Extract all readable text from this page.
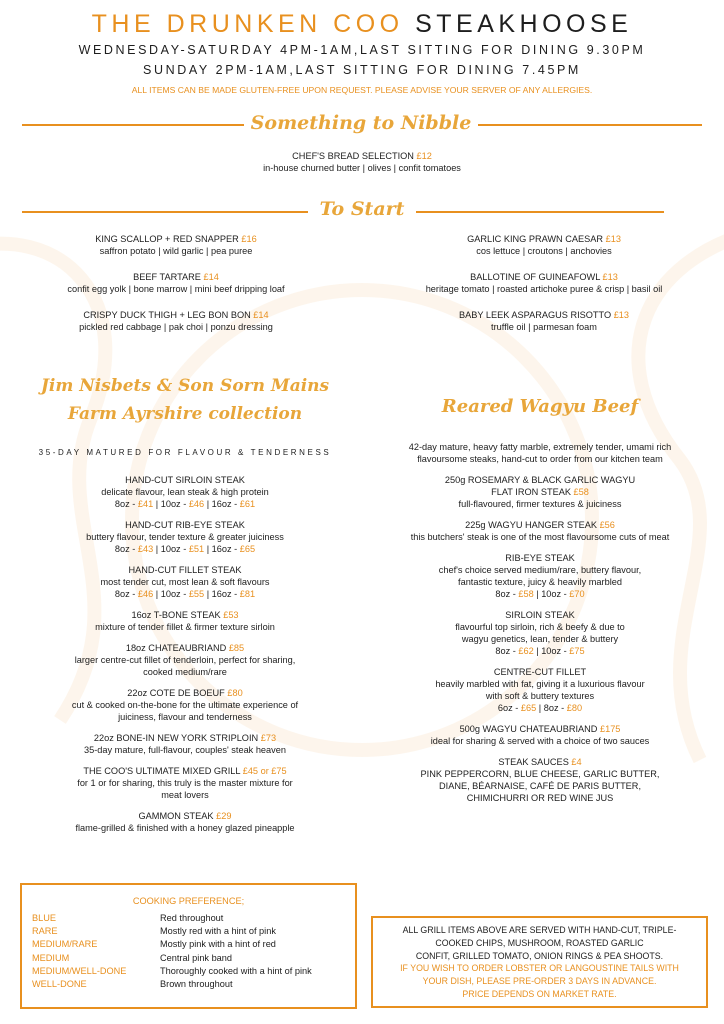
THE DRUNKEN COO STEAKHOOSE
WEDNESDAY-SATURDAY 4PM-1AM,LAST SITTING FOR DINING 9.30PM
SUNDAY 2PM-1AM,LAST SITTING FOR DINING 7.45PM
ALL ITEMS CAN BE MADE GLUTEN-FREE UPON REQUEST. PLEASE ADVISE YOUR SERVER OF ANY ALLERGIES.
Something to Nibble
CHEF'S BREAD SELECTION £12
in-house churned butter | olives | confit tomatoes
To Start
KING SCALLOP + RED SNAPPER £16
saffron potato | wild garlic | pea puree
BEEF TARTARE £14
confit egg yolk | bone marrow | mini beef dripping loaf
CRISPY DUCK THIGH + LEG BON BON £14
pickled red cabbage | pak choi | ponzu dressing
GARLIC KING PRAWN CAESAR £13
cos lettuce | croutons | anchovies
BALLOTINE OF GUINEAFOWL £13
heritage tomato | roasted artichoke puree & crisp | basil oil
BABY LEEK ASPARAGUS RISOTTO £13
truffle oil | parmesan foam
Jim Nisbets & Son Sorn Mains
Farm Ayrshire collection
35-DAY MATURED FOR FLAVOUR & TENDERNESS
HAND-CUT SIRLOIN STEAK
delicate flavour, lean steak & high protein
8oz - £41 | 10oz - £46 | 16oz - £61
HAND-CUT RIB-EYE STEAK
buttery flavour, tender texture & greater juiciness
8oz - £43 | 10oz - £51 | 16oz - £65
HAND-CUT FILLET STEAK
most tender cut, most lean & soft flavours
8oz - £46 | 10oz - £55 | 16oz - £81
16oz T-BONE STEAK £53
mixture of tender fillet & firmer texture sirloin
18oz CHATEAUBRIAND £85
larger centre-cut fillet of tenderloin, perfect for sharing,
cooked medium/rare
22oz COTE DE BOEUF £80
cut & cooked on-the-bone for the ultimate experience of
juiciness, flavour and tenderness
22oz BONE-IN NEW YORK STRIPLOIN £73
35-day mature, full-flavour, couples' steak heaven
THE COO'S ULTIMATE MIXED GRILL £45 or £75
for 1 or for sharing, this truly is the master mixture for
meat lovers
GAMMON STEAK £29
flame-grilled & finished with a honey glazed pineapple
Reared Wagyu Beef
42-day mature, heavy fatty marble, extremely tender, umami rich
flavoursome steaks, hand-cut to order from our kitchen team
250g ROSEMARY & BLACK GARLIC WAGYU
FLAT IRON STEAK £58
full-flavoured, firmer textures & juiciness
225g WAGYU HANGER STEAK £56
this butchers' steak is one of the most flavoursome cuts of meat
RIB-EYE STEAK
chef's choice served medium/rare, buttery flavour,
fantastic texture, juicy & heavily marbled
8oz - £58 | 10oz - £70
SIRLOIN STEAK
flavourful top sirloin, rich & beefy & due to
wagyu genetics, lean, tender & buttery
8oz - £62 | 10oz - £75
CENTRE-CUT FILLET
heavily marbled with fat, giving it a luxurious flavour
with soft & buttery textures
6oz - £65 | 8oz - £80
500g WAGYU CHATEAUBRIAND £175
ideal for sharing & served with a choice of two sauces
STEAK SAUCES £4
PINK PEPPERCORN, BLUE CHEESE, GARLIC BUTTER,
DIANE, BÉARNAISE, CAFÉ DE PARIS BUTTER,
CHIMICHURRI OR RED WINE JUS
COOKING PREFERENCE;
BLUE	Red throughout
RARE	Mostly red with a hint of pink
MEDIUM/RARE	Mostly pink with a hint of red
MEDIUM	Central pink band
MEDIUM/WELL-DONE	Thoroughly cooked with a hint of pink
WELL-DONE	Brown throughout
ALL GRILL ITEMS ABOVE ARE SERVED WITH HAND-CUT, TRIPLE-
COOKED CHIPS, MUSHROOM, ROASTED GARLIC
CONFIT, GRILLED TOMATO, ONION RINGS & PEA SHOOTS.
IF YOU WISH TO ORDER LOBSTER OR LANGOUSTINE TAILS WITH
YOUR DISH, PLEASE PRE-ORDER 3 DAYS IN ADVANCE.
PRICE DEPENDS ON MARKET RATE.
